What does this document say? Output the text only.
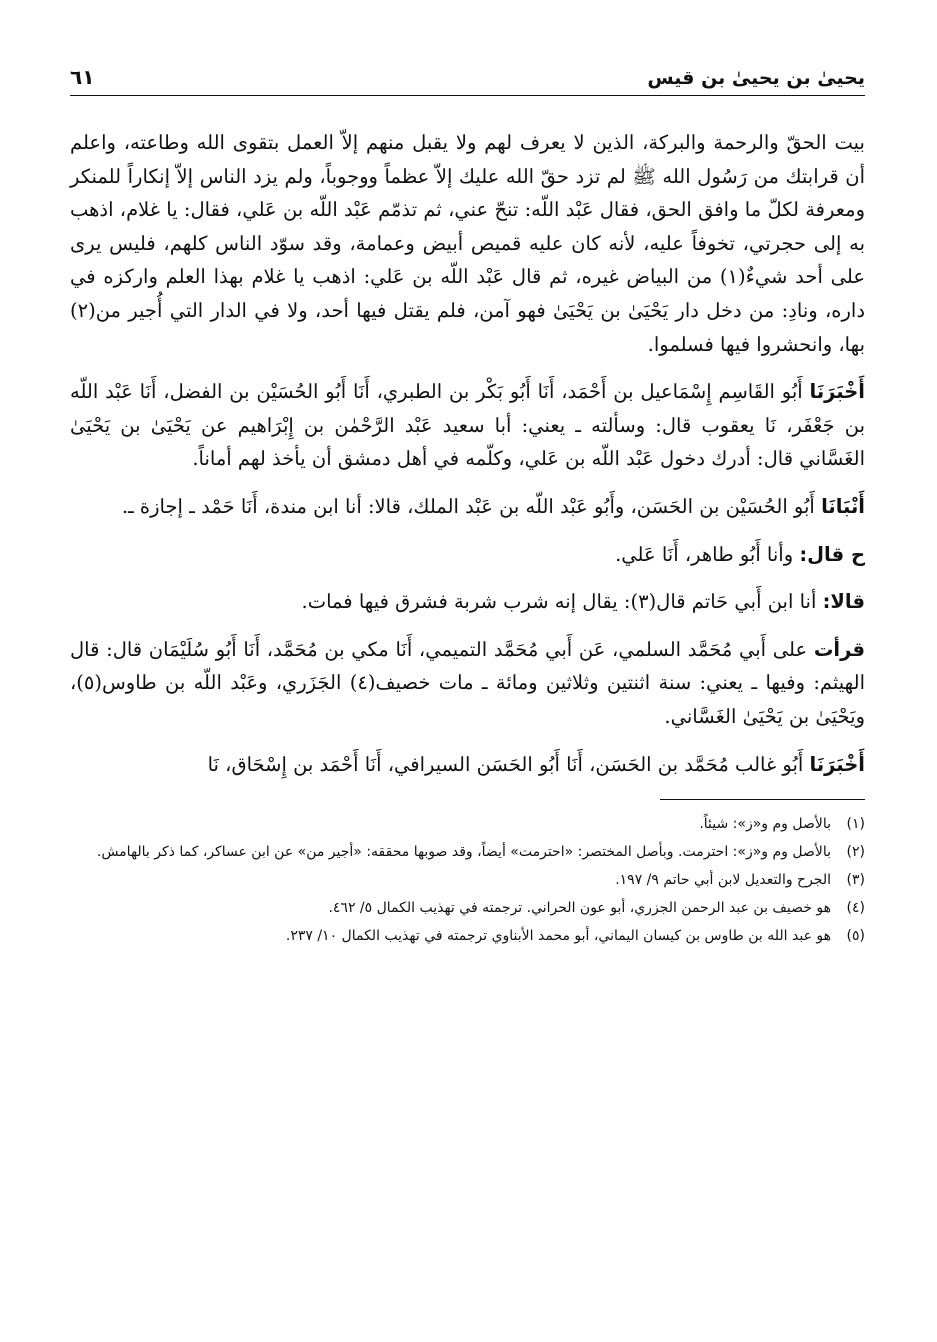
يحيىٰ بن يحيىٰ بن قيس
٦١

بيت الحقّ والرحمة والبركة، الذين لا يعرف لهم ولا يقبل منهم إلاّ العمل بتقوى الله وطاعته، واعلم أن قرابتك من رَسُول الله ﷺ لم تزد حقّ الله عليك إلاّ عظماً ووجوباً، ولم يزد الناس إلاّ إنكاراً للمنكر ومعرفة لكلّ ما وافق الحق، فقال عَبْد اللّه: تنحّ عني، ثم تذمّم عَبْد اللّه بن عَلي، فقال: يا غلام، اذهب به إلى حجرتي، تخوفاً عليه، لأنه كان عليه قميص أبيض وعمامة، وقد سوّد الناس كلهم، فليس يرى على أحد شيءٌ(١) من البياض غيره، ثم قال عَبْد اللّه بن عَلي: اذهب يا غلام بهذا العلم واركزه في داره، ونادِ: من دخل دار يَحْيَىٰ بن يَحْيَىٰ فهو آمن، فلم يقتل فيها أحد، ولا في الدار التي أُجير من(٢) بها، وانحشروا فيها فسلموا.

أَخْبَرَنَا أَبُو القَاسِم إِسْمَاعيل بن أَحْمَد، أَنَا أَبُو بَكْر بن الطبري، أَنَا أَبُو الحُسَيْن بن الفضل، أَنَا عَبْد اللّه بن جَعْفَر، نَا يعقوب قال: وسألته ـ يعني: أبا سعيد عَبْد الرَّحْمٰن بن إِبْرَاهيم عن يَحْيَىٰ بن يَحْيَىٰ الغَسَّاني قال: أدرك دخول عَبْد اللّه بن عَلي، وكلّمه في أهل دمشق أن يأخذ لهم أماناً.

أَنْبَانَا أَبُو الحُسَيْن بن الحَسَن، وأَبُو عَبْد اللّه بن عَبْد الملك، قالا: أنا ابن مندة، أَنَا حَمْد ـ إجازة ـ.

ح قال: وأنا أَبُو طاهر، أَنَا عَلي.

قالا: أنا ابن أَبي حَاتم قال(٣): يقال إنه شرب شربة فشرق فيها فمات.

قرأت على أَبي مُحَمَّد السلمي، عَن أَبي مُحَمَّد التميمي، أَنَا مكي بن مُحَمَّد، أَنَا أَبُو سُلَيْمَان قال: قال الهيثم: وفيها ـ يعني: سنة اثنتين وثلاثين ومائة ـ مات خصيف(٤) الجَزَري، وعَبْد اللّه بن طاوس(٥)، ويَحْيَىٰ بن يَحْيَىٰ الغَسَّاني.

أَخْبَرَنَا أَبُو غالب مُحَمَّد بن الحَسَن، أَنَا أَبُو الحَسَن السيرافي، أَنَا أَحْمَد بن إِسْحَاق، نَا

(١)
بالأصل وم و«ز»: شيئاً.
(٢)
بالأصل وم و«ز»: احترمت. وبأصل المختصر: «احترمت» أيضاً، وقد صوبها محققه: «أجير من» عن ابن عساكر، كما ذكر بالهامش.
(٣)
الجرح والتعديل لابن أبي حاتم ٩/ ١٩٧.
(٤)
هو خصيف بن عبد الرحمن الجزري، أبو عون الحراني. ترجمته في تهذيب الكمال ٥/ ٤٦٢.
(٥)
هو عبد الله بن طاوس بن كيسان اليماني، أبو محمد الأبناوي ترجمته في تهذيب الكمال ١٠/ ٢٣٧.
